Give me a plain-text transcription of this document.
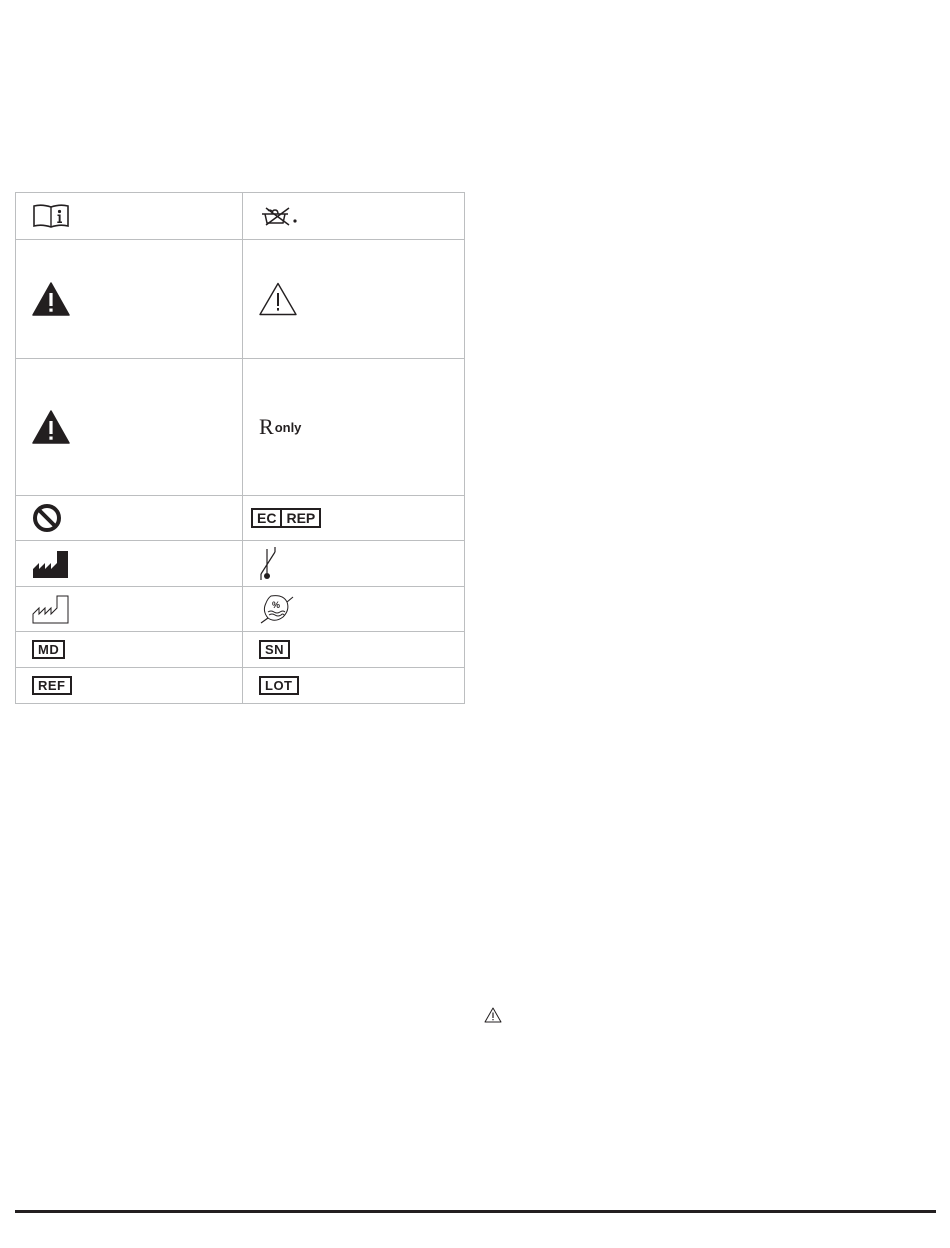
R only

EC REP

%

MD	SN

REF	LOT
